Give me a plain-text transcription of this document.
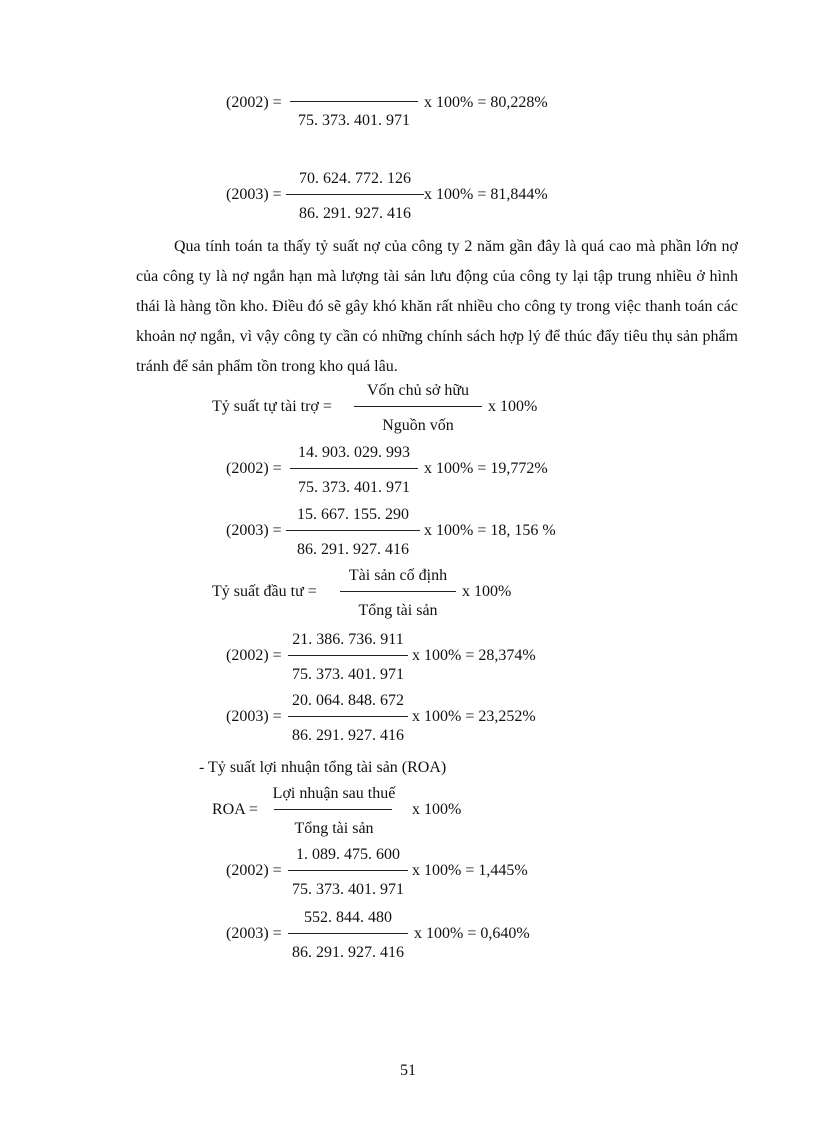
(2002) =
75. 373. 401. 971
x 100% = 80,228%
(2003) =
70. 624. 772. 126
86. 291. 927. 416
x 100% = 81,844%
Qua tính toán ta thấy tỷ suất nợ của công ty 2 năm gần đây là quá cao mà phần lớn nợ của công ty là nợ ngắn hạn mà lượng tài sản lưu động của công ty lại tập trung nhiều ở hình thái là hàng tồn kho. Điều đó sẽ gây khó khăn rất nhiều cho công ty trong việc thanh toán các khoản nợ ngắn, vì vậy công ty cần có những chính sách hợp lý để thúc đẩy tiêu thụ sản phẩm tránh để sản phẩm tồn trong kho quá lâu.
Tỷ suất tự tài trợ =
Vốn chủ sở hữu
Nguồn vốn
x 100%
(2002) =
14. 903. 029. 993
75. 373. 401. 971
x 100% = 19,772%
(2003) =
15. 667. 155. 290
86. 291. 927. 416
x 100% = 18, 156 %
Tỷ suất đầu tư =
Tài sản cố định
Tổng tài sản
x 100%
(2002) =
21. 386. 736. 911
75. 373. 401. 971
x 100% = 28,374%
(2003) =
20. 064. 848. 672
86. 291. 927. 416
x 100% = 23,252%
- Tỷ suất lợi nhuận tổng tài sản (ROA)
ROA =
Lợi nhuận sau thuế
Tổng tài sản
x 100%
(2002) =
1. 089. 475. 600
75. 373. 401. 971
x 100% = 1,445%
(2003) =
552. 844. 480
86. 291. 927. 416
x 100% = 0,640%
51
